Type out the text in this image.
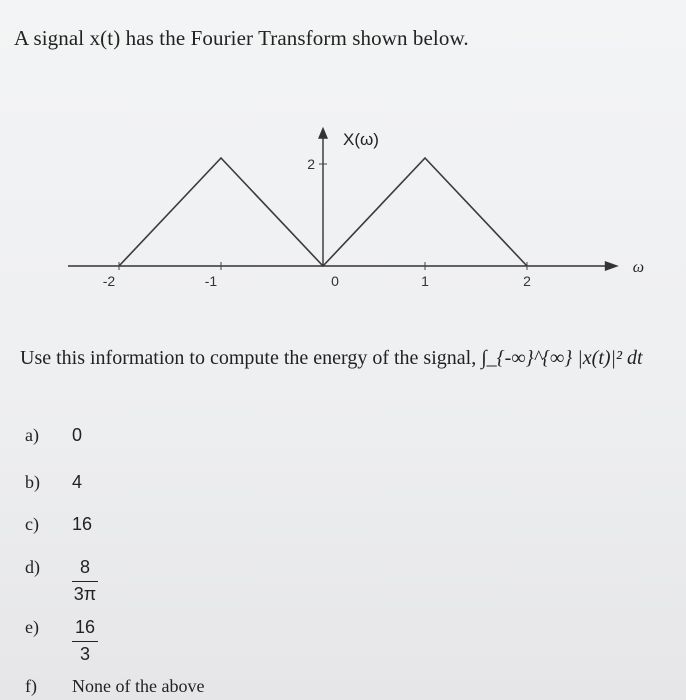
A signal x(t) has the Fourier Transform shown below.
-2	-1	0	1	2
2
X(ω)
ω
Use this information to compute the energy of the signal, ∫_{-∞}^{∞} |x(t)|² dt
a) 0
b) 4
c) 16
d)	8
3π
e) 16
3
f) None of the above
